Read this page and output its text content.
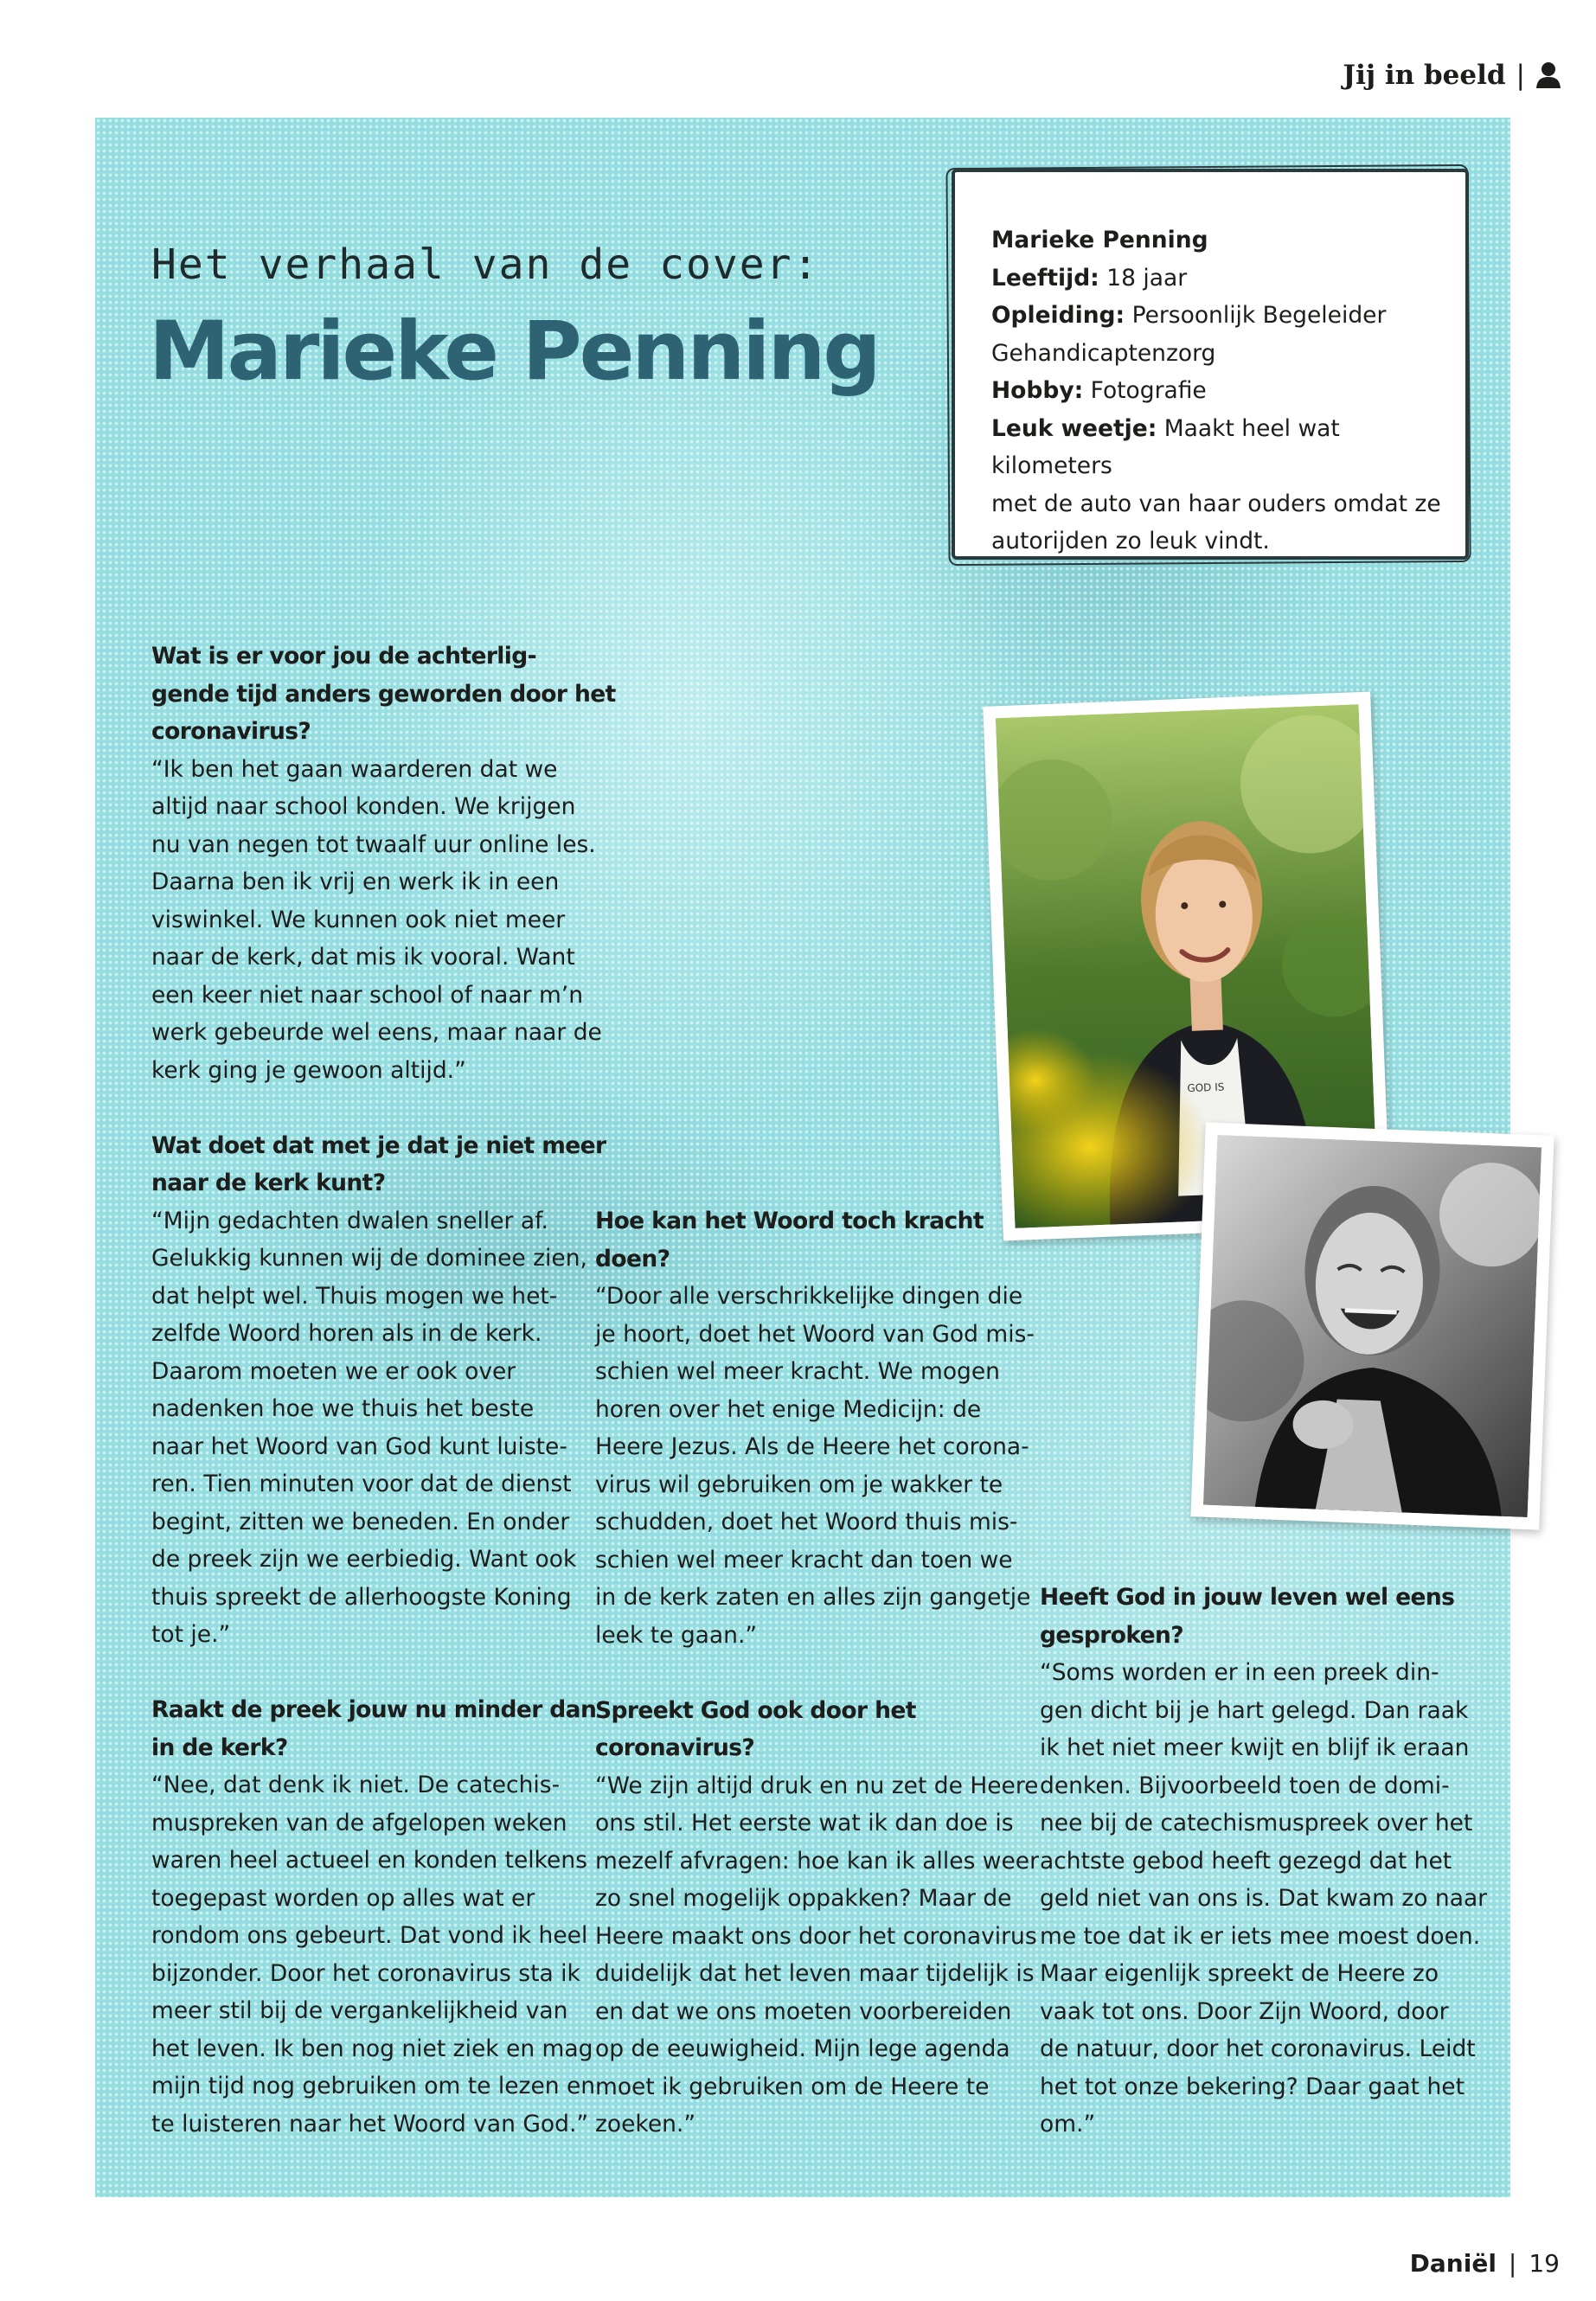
Jij in beeld |
Het verhaal van de cover:
Marieke Penning
Marieke Penning
Leeftijd: 18 jaar
Opleiding: Persoonlijk Begeleider
Gehandicaptenzorg
Hobby: Fotografie
Leuk weetje: Maakt heel wat kilometers
met de auto van haar ouders omdat ze
autorijden zo leuk vindt.

Wat is er voor jou de achterlig-
gende tijd anders geworden door het
coronavirus?

“Ik ben het gaan waarderen dat we
altijd naar school konden. We krijgen
nu van negen tot twaalf uur online les.
Daarna ben ik vrij en werk ik in een
viswinkel. We kunnen ook niet meer
naar de kerk, dat mis ik vooral. Want
een keer niet naar school of naar m’n
werk gebeurde wel eens, maar naar de
kerk ging je gewoon altijd.”

Wat doet dat met je dat je niet meer
naar de kerk kunt?

“Mijn gedachten dwalen sneller af.
Gelukkig kunnen wij de dominee zien,
dat helpt wel. Thuis mogen we het-
zelfde Woord horen als in de kerk.
Daarom moeten we er ook over
nadenken hoe we thuis het beste
naar het Woord van God kunt luiste-
ren. Tien minuten voor dat de dienst
begint, zitten we beneden. En onder
de preek zijn we eerbiedig. Want ook
thuis spreekt de allerhoogste Koning
tot je.”

Raakt de preek jouw nu minder dan
in de kerk?

“Nee, dat denk ik niet. De catechis-
muspreken van de afgelopen weken
waren heel actueel en konden telkens
toegepast worden op alles wat er
rondom ons gebeurt. Dat vond ik heel
bijzonder. Door het coronavirus sta ik
meer stil bij de vergankelijkheid van
het leven. Ik ben nog niet ziek en mag
mijn tijd nog gebruiken om te lezen en
te luisteren naar het Woord van God.”

Hoe kan het Woord toch kracht
doen?

“Door alle verschrikkelijke dingen die
je hoort, doet het Woord van God mis-
schien wel meer kracht. We mogen
horen over het enige Medicijn: de
Heere Jezus. Als de Heere het corona-
virus wil gebruiken om je wakker te
schudden, doet het Woord thuis mis-
schien wel meer kracht dan toen we
in de kerk zaten en alles zijn gangetje
leek te gaan.”

Spreekt God ook door het
coronavirus?

“We zijn altijd druk en nu zet de Heere
ons stil. Het eerste wat ik dan doe is
mezelf afvragen: hoe kan ik alles weer
zo snel mogelijk oppakken? Maar de
Heere maakt ons door het coronavirus
duidelijk dat het leven maar tijdelijk is
en dat we ons moeten voorbereiden
op de eeuwigheid. Mijn lege agenda
moet ik gebruiken om de Heere te
zoeken.”

Heeft God in jouw leven wel eens
gesproken?

“Soms worden er in een preek din-
gen dicht bij je hart gelegd. Dan raak
ik het niet meer kwijt en blijf ik eraan
denken. Bijvoorbeeld toen de domi-
nee bij de catechismuspreek over het
achtste gebod heeft gezegd dat het
geld niet van ons is. Dat kwam zo naar
me toe dat ik er iets mee moest doen.
Maar eigenlijk spreekt de Heere zo
vaak tot ons. Door Zijn Woord, door
de natuur, door het coronavirus. Leidt
het tot onze bekering? Daar gaat het
om.”

GOD IS
Daniël | 19
